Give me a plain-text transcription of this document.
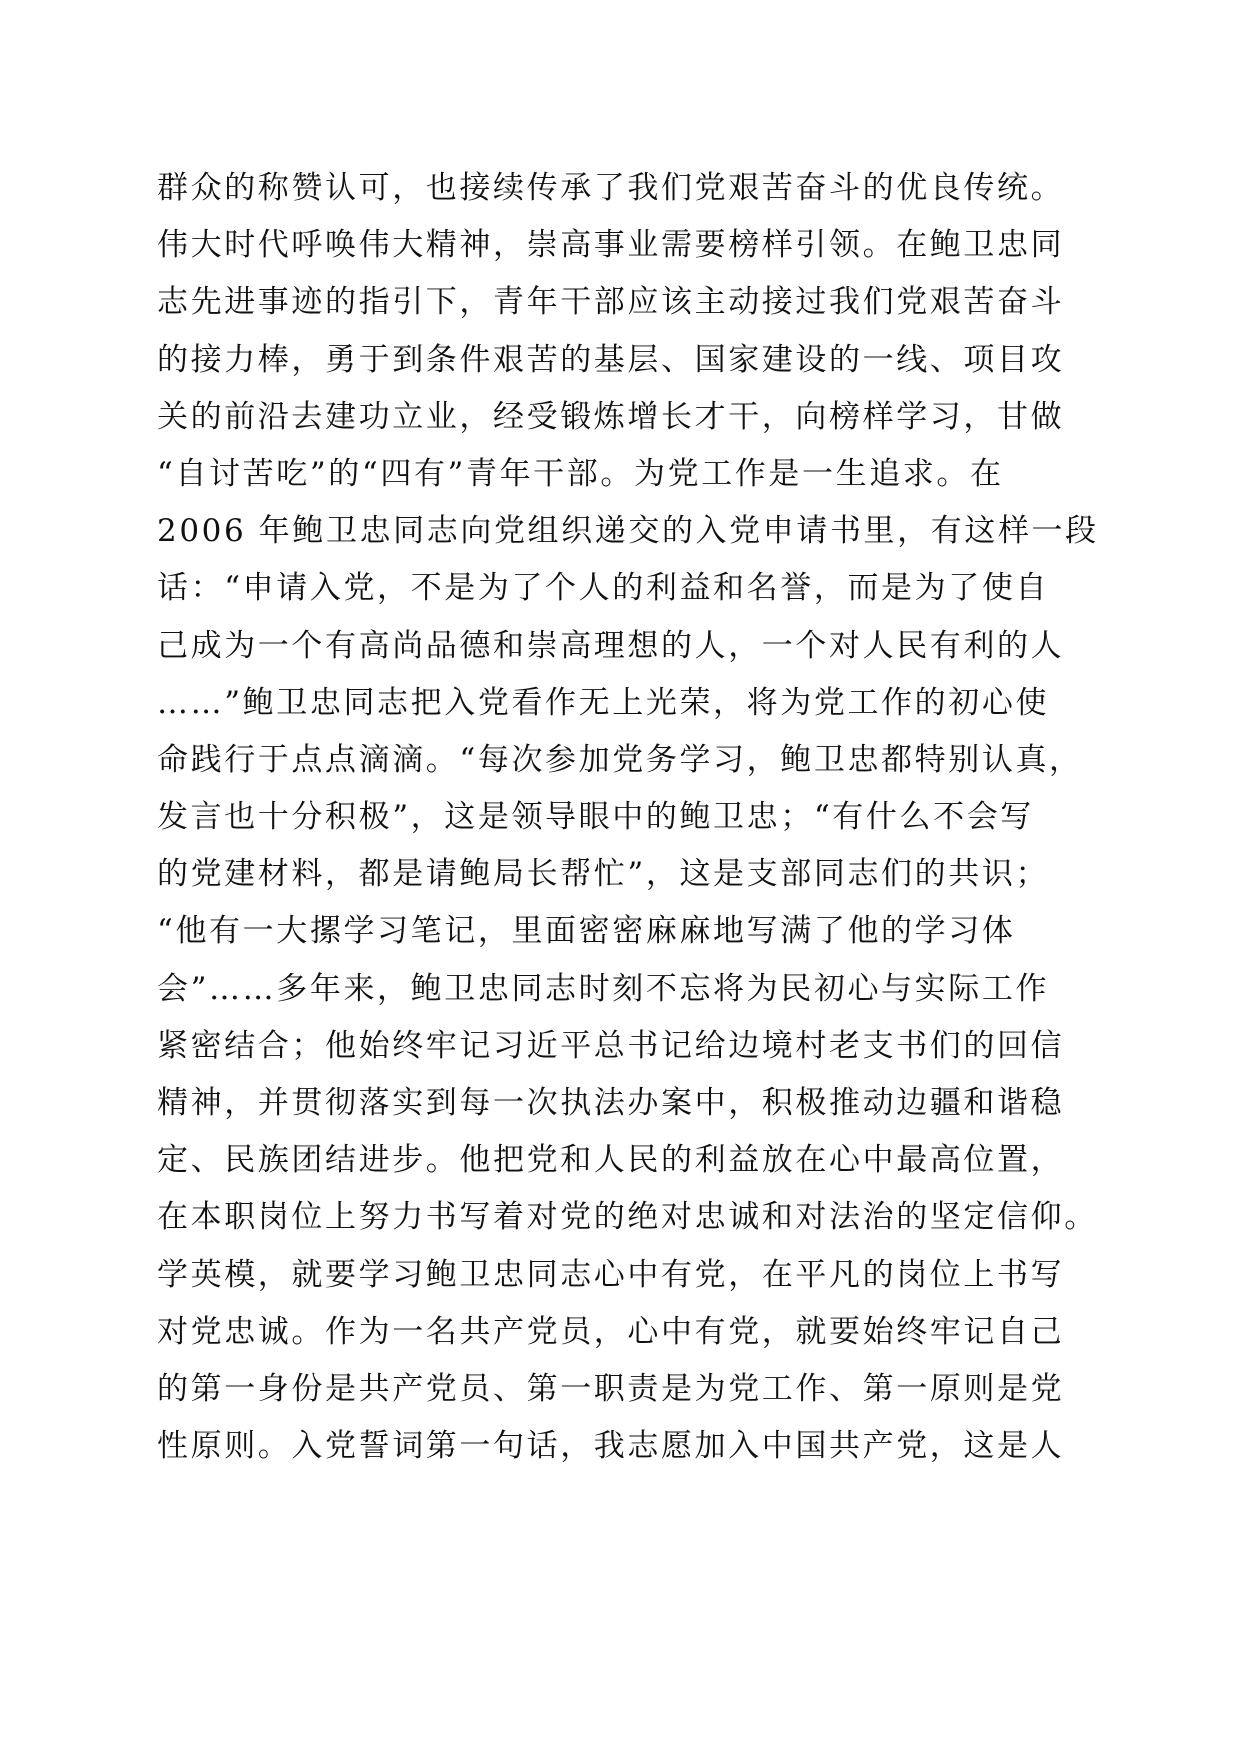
群众的称赞认可，也接续传承了我们党艰苦奋斗的优良传统。
伟大时代呼唤伟大精神，崇高事业需要榜样引领。在鲍卫忠同
志先进事迹的指引下，青年干部应该主动接过我们党艰苦奋斗
的接力棒，勇于到条件艰苦的基层、国家建设的一线、项目攻
关的前沿去建功立业，经受锻炼增长才干，向榜样学习，甘做
“自讨苦吃”的“四有”青年干部。为党工作是一生追求。在
2006 年鲍卫忠同志向党组织递交的入党申请书里，有这样一段
话：“申请入党，不是为了个人的利益和名誉，而是为了使自
己成为一个有高尚品德和崇高理想的人，一个对人民有利的人
……”鲍卫忠同志把入党看作无上光荣，将为党工作的初心使
命践行于点点滴滴。“每次参加党务学习，鲍卫忠都特别认真，
发言也十分积极”，这是领导眼中的鲍卫忠；“有什么不会写
的党建材料，都是请鲍局长帮忙”，这是支部同志们的共识；
“他有一大摞学习笔记，里面密密麻麻地写满了他的学习体
会”……多年来，鲍卫忠同志时刻不忘将为民初心与实际工作
紧密结合；他始终牢记习近平总书记给边境村老支书们的回信
精神，并贯彻落实到每一次执法办案中，积极推动边疆和谐稳
定、民族团结进步。他把党和人民的利益放在心中最高位置，
在本职岗位上努力书写着对党的绝对忠诚和对法治的坚定信仰。
学英模，就要学习鲍卫忠同志心中有党，在平凡的岗位上书写
对党忠诚。作为一名共产党员，心中有党，就要始终牢记自己
的第一身份是共产党员、第一职责是为党工作、第一原则是党
性原则。入党誓词第一句话，我志愿加入中国共产党，这是人
